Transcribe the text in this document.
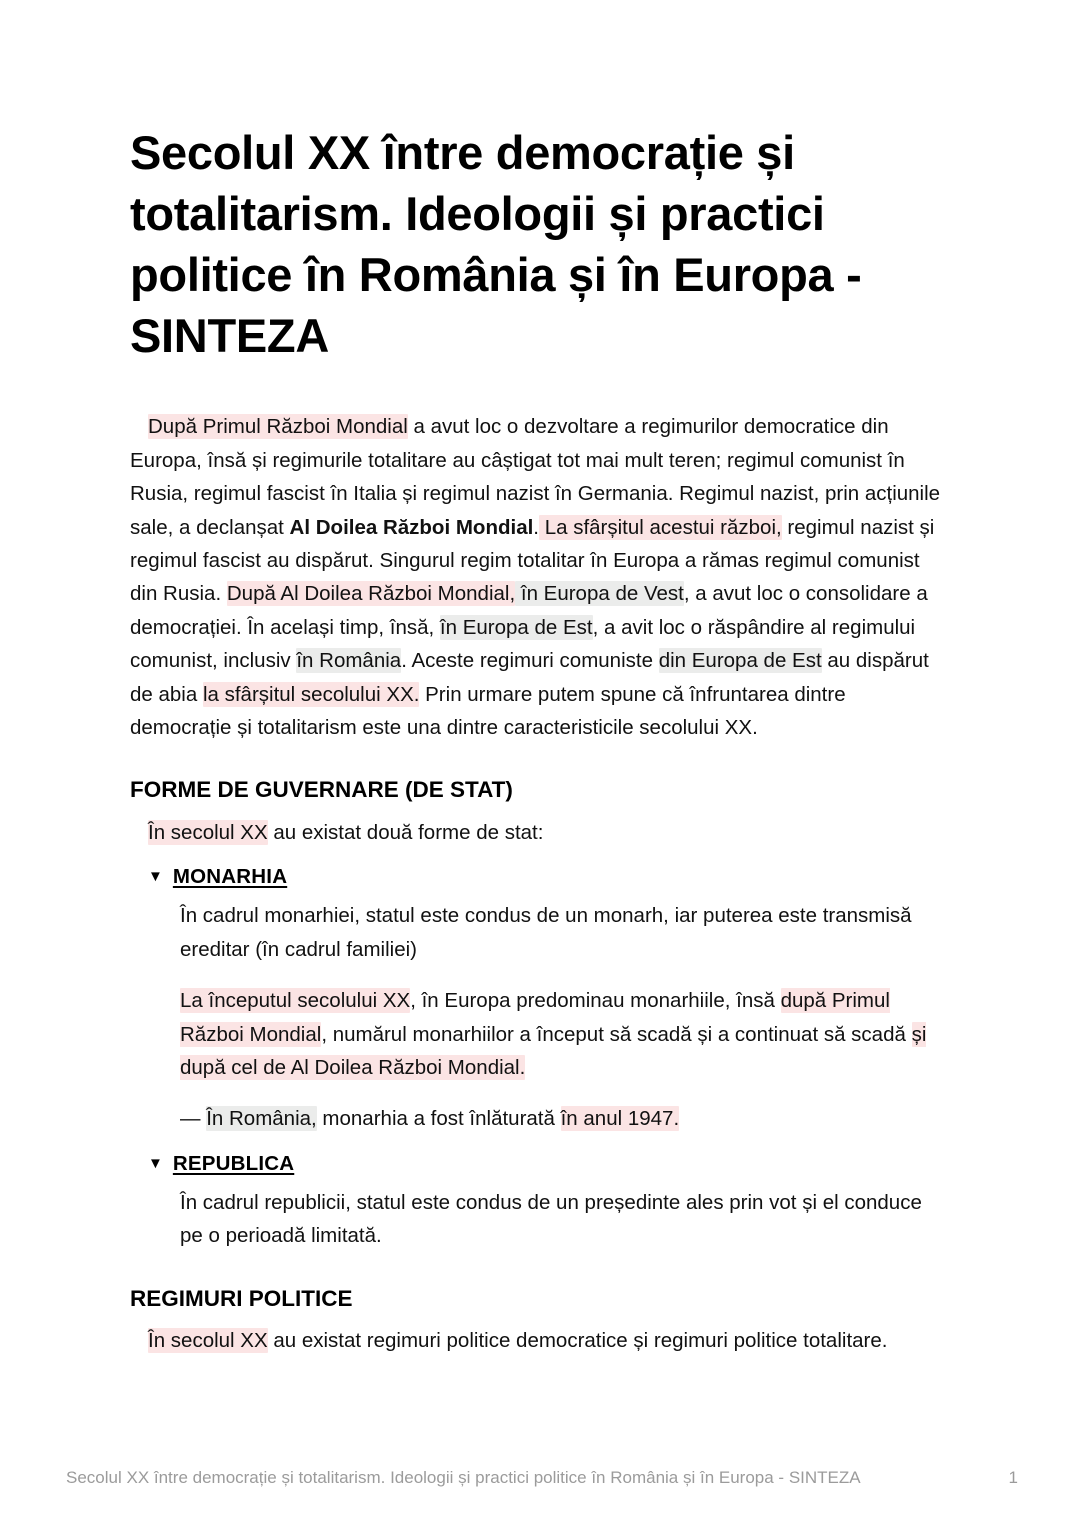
Secolul XX între democrație și totalitarism. Ideologii și practici politice în România și în Europa - SINTEZA

După Primul Război Mondial a avut loc o dezvoltare a regimurilor democratice din Europa, însă și regimurile totalitare au câștigat tot mai mult teren; regimul comunist în Rusia, regimul fascist în Italia și regimul nazist în Germania. Regimul nazist, prin acțiunile sale, a declanșat Al Doilea Război Mondial. La sfârșitul acestui război, regimul nazist și regimul fascist au dispărut. Singurul regim totalitar în Europa a rămas regimul comunist din Rusia. După Al Doilea Război Mondial, în Europa de Vest, a avut loc o consolidare a democrației. În același timp, însă, în Europa de Est, a avit loc o răspândire al regimului comunist, inclusiv în România. Aceste regimuri comuniste din Europa de Est au dispărut de abia la sfârșitul secolului XX. Prin urmare putem spune că înfruntarea dintre democrație și totalitarism este una dintre caracteristicile secolului XX.

FORME DE GUVERNARE (DE STAT)

În secolul XX au existat două forme de stat:

▼ MONARHIA

În cadrul monarhiei, statul este condus de un monarh, iar puterea este transmisă ereditar (în cadrul familiei)

La începutul secolului XX, în Europa predominau monarhiile, însă după Primul Război Mondial, numărul monarhiilor a început să scadă și a continuat să scadă și după cel de Al Doilea Război Mondial.

— În România, monarhia a fost înlăturată în anul 1947.

▼ REPUBLICA

În cadrul republicii, statul este condus de un președinte ales prin vot și el conduce pe o perioadă limitată.

REGIMURI POLITICE

În secolul XX au existat regimuri politice democratice și regimuri politice totalitare.

Secolul XX între democrație și totalitarism. Ideologii și practici politice în România și în Europa - SINTEZA	1
